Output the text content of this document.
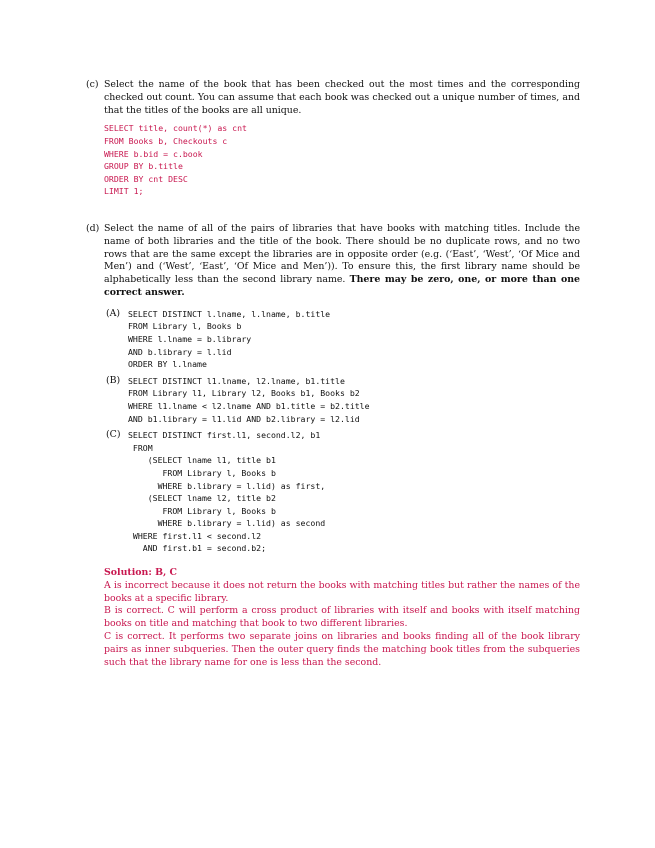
(c) Select the name of the book that has been checked out the most times and the corresponding checked out count. You can assume that each book was checked out a unique number of times, and that the titles of the books are all unique.
SELECT title, count(*) as cnt
FROM Books b, Checkouts c
WHERE b.bid = c.book
GROUP BY b.title
ORDER BY cnt DESC
LIMIT 1;
(d) Select the name of all of the pairs of libraries that have books with matching titles. Include the name of both libraries and the title of the book. There should be no duplicate rows, and no two rows that are the same except the libraries are in opposite order (e.g. (‘East’, ‘West’, ‘Of Mice and Men’) and (‘West’, ‘East’, ‘Of Mice and Men’)). To ensure this, the first library name should be alphabetically less than the second library name. There may be zero, one, or more than one correct answer.
(A) SELECT DISTINCT l.lname, l.lname, b.title
FROM Library l, Books b
WHERE l.lname = b.library
AND b.library = l.lid
ORDER BY l.lname
(B) SELECT DISTINCT l1.lname, l2.lname, b1.title
FROM Library l1, Library l2, Books b1, Books b2
WHERE l1.lname < l2.lname AND b1.title = b2.title
AND b1.library = l1.lid AND b2.library = l2.lid
(C) SELECT DISTINCT first.l1, second.l2, b1
FROM
(SELECT lname l1, title b1
FROM Library l, Books b
WHERE b.library = l.lid) as first,
(SELECT lname l2, title b2
FROM Library l, Books b
WHERE b.library = l.lid) as second
WHERE first.l1 < second.l2
AND first.b1 = second.b2;
Solution: B, C
A is incorrect because it does not return the books with matching titles but rather the names of the books at a specific library.
B is correct. C will perform a cross product of libraries with itself and books with itself matching books on title and matching that book to two different libraries.
C is correct. It performs two separate joins on libraries and books finding all of the book library pairs as inner subqueries. Then the outer query finds the matching book titles from the subqueries such that the library name for one is less than the second.
